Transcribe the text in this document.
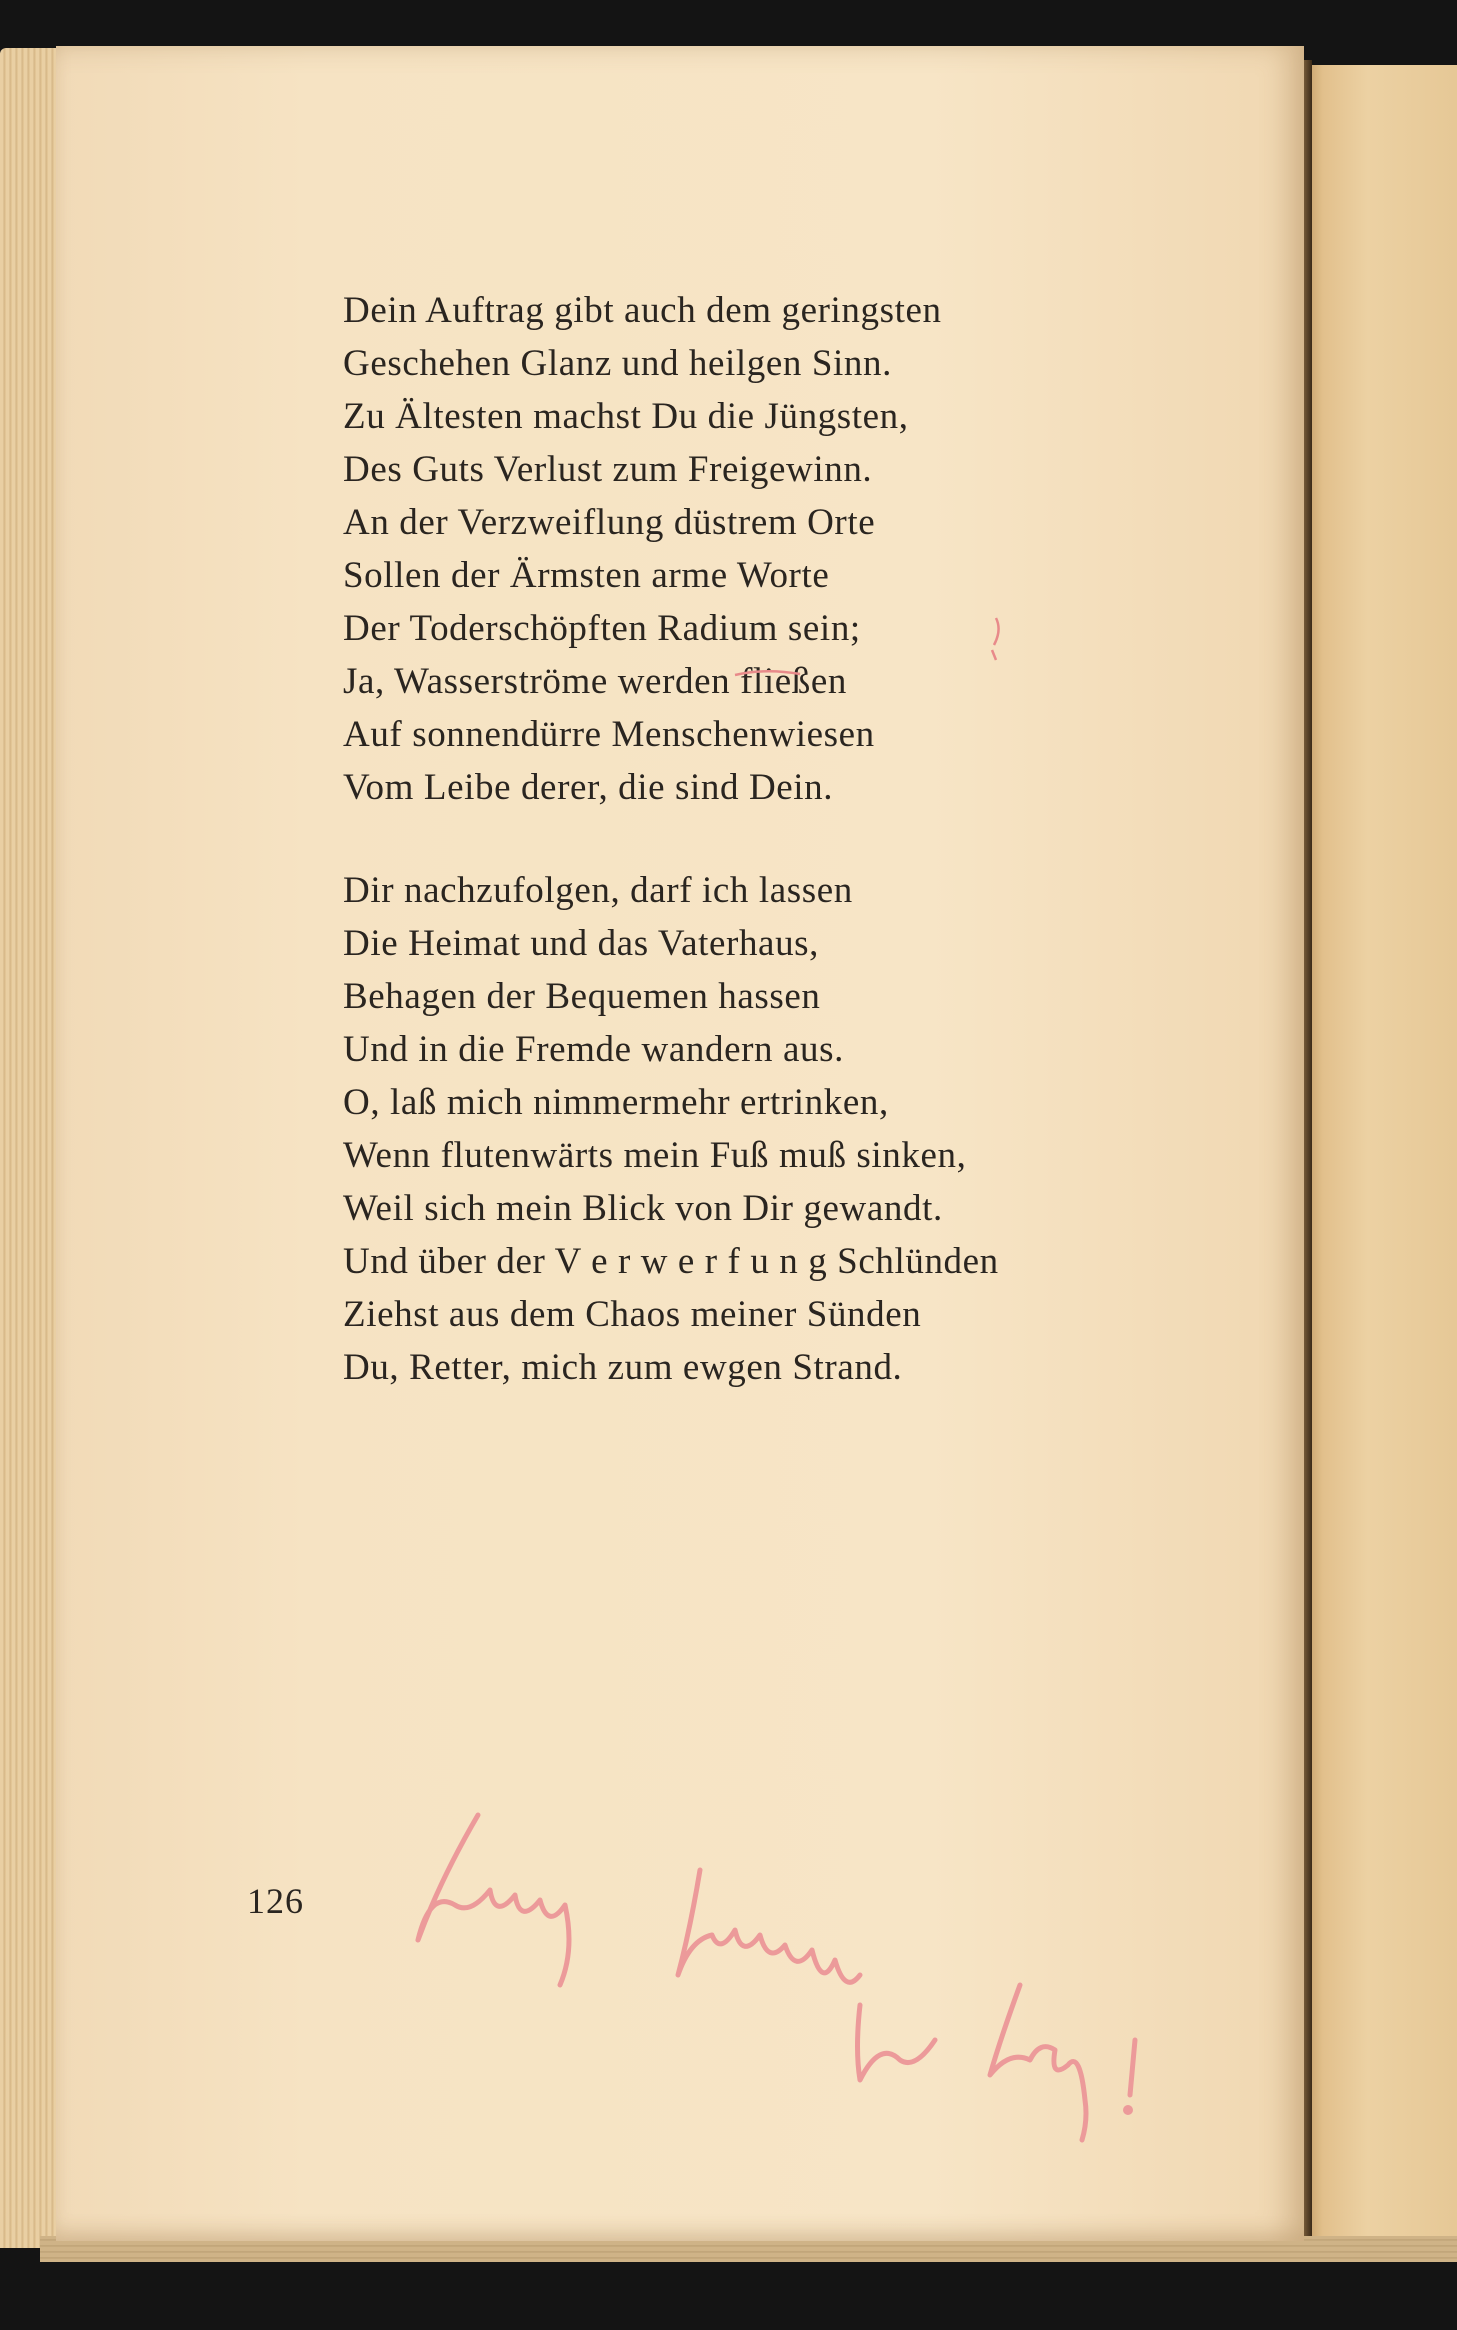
Dein Auftrag gibt auch dem geringsten
Geschehen Glanz und heilgen Sinn.
Zu Ältesten machst Du die Jüngsten,
Des Guts Verlust zum Freigewinn.
An der Verzweiflung düstrem Orte
Sollen der Ärmsten arme Worte
Der Toderschöpften Radium sein;
Ja, Wasserströme werden fließen
Auf sonnendürre Menschenwiesen
Vom Leibe derer, die sind Dein.
Dir nachzufolgen, darf ich lassen
Die Heimat und das Vaterhaus,
Behagen der Bequemen hassen
Und in die Fremde wandern aus.
O, laß mich nimmermehr ertrinken,
Wenn flutenwärts mein Fuß muß sinken,
Weil sich mein Blick von Dir gewandt.
Und über der V e r w e r f u n g Schlünden
Ziehst aus dem Chaos meiner Sünden
Du, Retter, mich zum ewgen Strand.
126
